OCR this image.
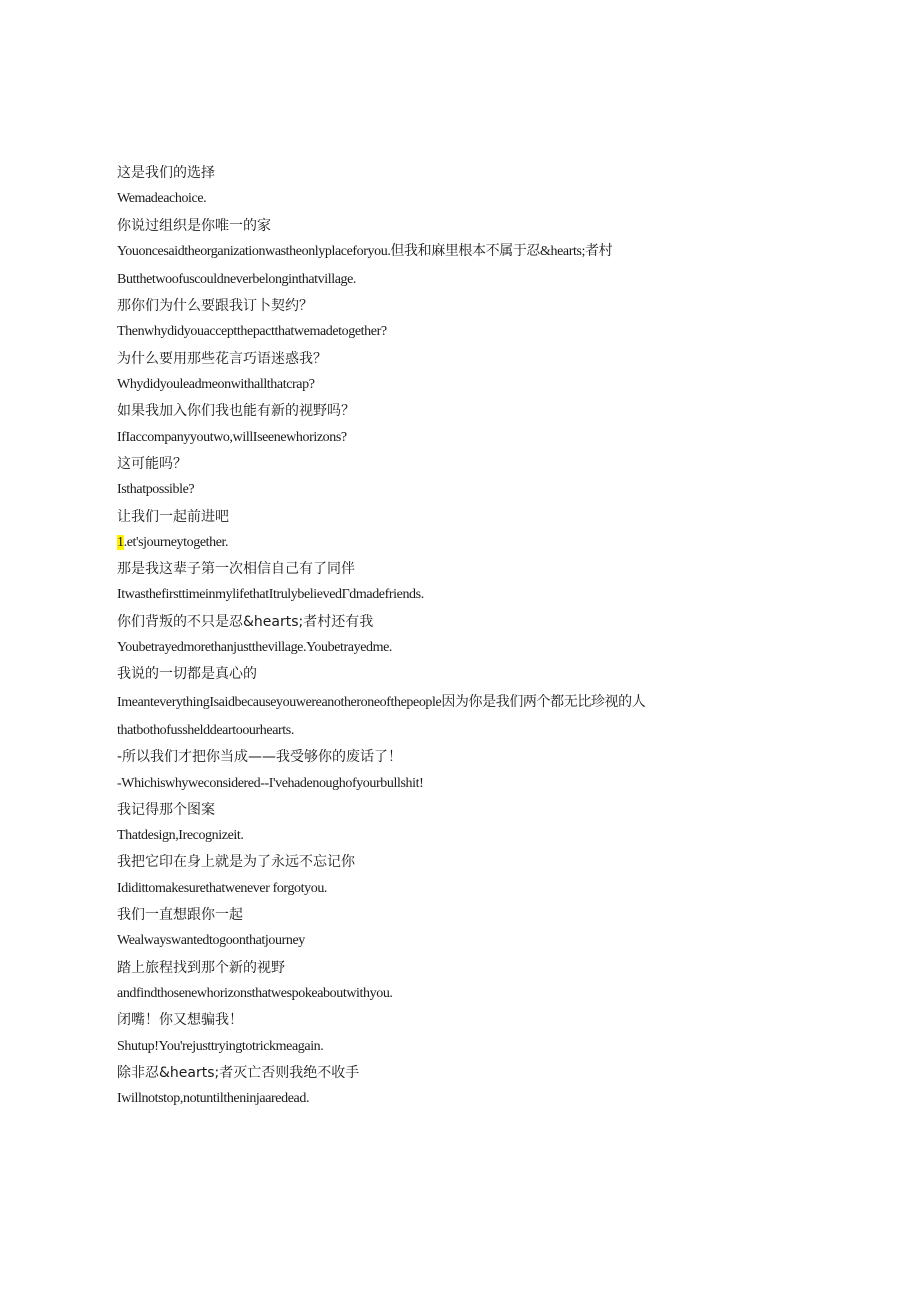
这是我们的选择
Wemadeachoice.
你说过组织是你唯一的家
Youoncesaidtheorganizationwastheonlyplaceforyou.但我和麻里根本不属于忍&hearts;者村
Butthetwoofuscouldneverbelonginthatvillage.
那你们为什么要跟我订卜契约？
Thenwhydidyouacceptthepactthatwemadetogether?
为什么要用那些花言巧语迷惑我？
Whydidyouleadmeonwithallthatcrap?
如果我加入你们我也能有新的视野吗？
IfIaccompanyyoutwo,willIseenewhorizons?
这可能吗？
Isthatpossible?
让我们一起前进吧
1.et'sjourneytogether.
那是我这辈子第一次相信自己有了同伴
ItwasthefirsttimeinmylifethatItrulybelievedΓdmadefriends.
你们背叛的不只是忍&hearts;者村还有我
Youbetrayedmorethanjustthevillage.Youbetrayedme.
我说的一切都是真心的
ImeanteverythingIsaidbecauseyouwereanotheroneofthepeople因为你是我们两个都无比珍视的人
thatbothofusshelddeartoourhearts.
-所以我们才把你当成——我受够你的废话了！
-Whichiswhyweconsidered--I'vehadenoughofyourbullshit!
我记得那个图案
Thatdesign,Irecognizeit.
我把它印在身上就是为了永远不忘记你
Ididittomakesurethatwenever forgotyou.
我们一直想跟你一起
Wealwayswantedtogoonthatjourney
踏上旅程找到那个新的视野
andfindthosenewhorizonsthatwespokeaboutwithyou.
闭嘴！你又想骗我！
Shutup!You'rejusttryingtotrickmeagain.
除非忍&hearts;者灭亡否则我绝不收手
Iwillnotstop,notuntiltheninjaaredead.
